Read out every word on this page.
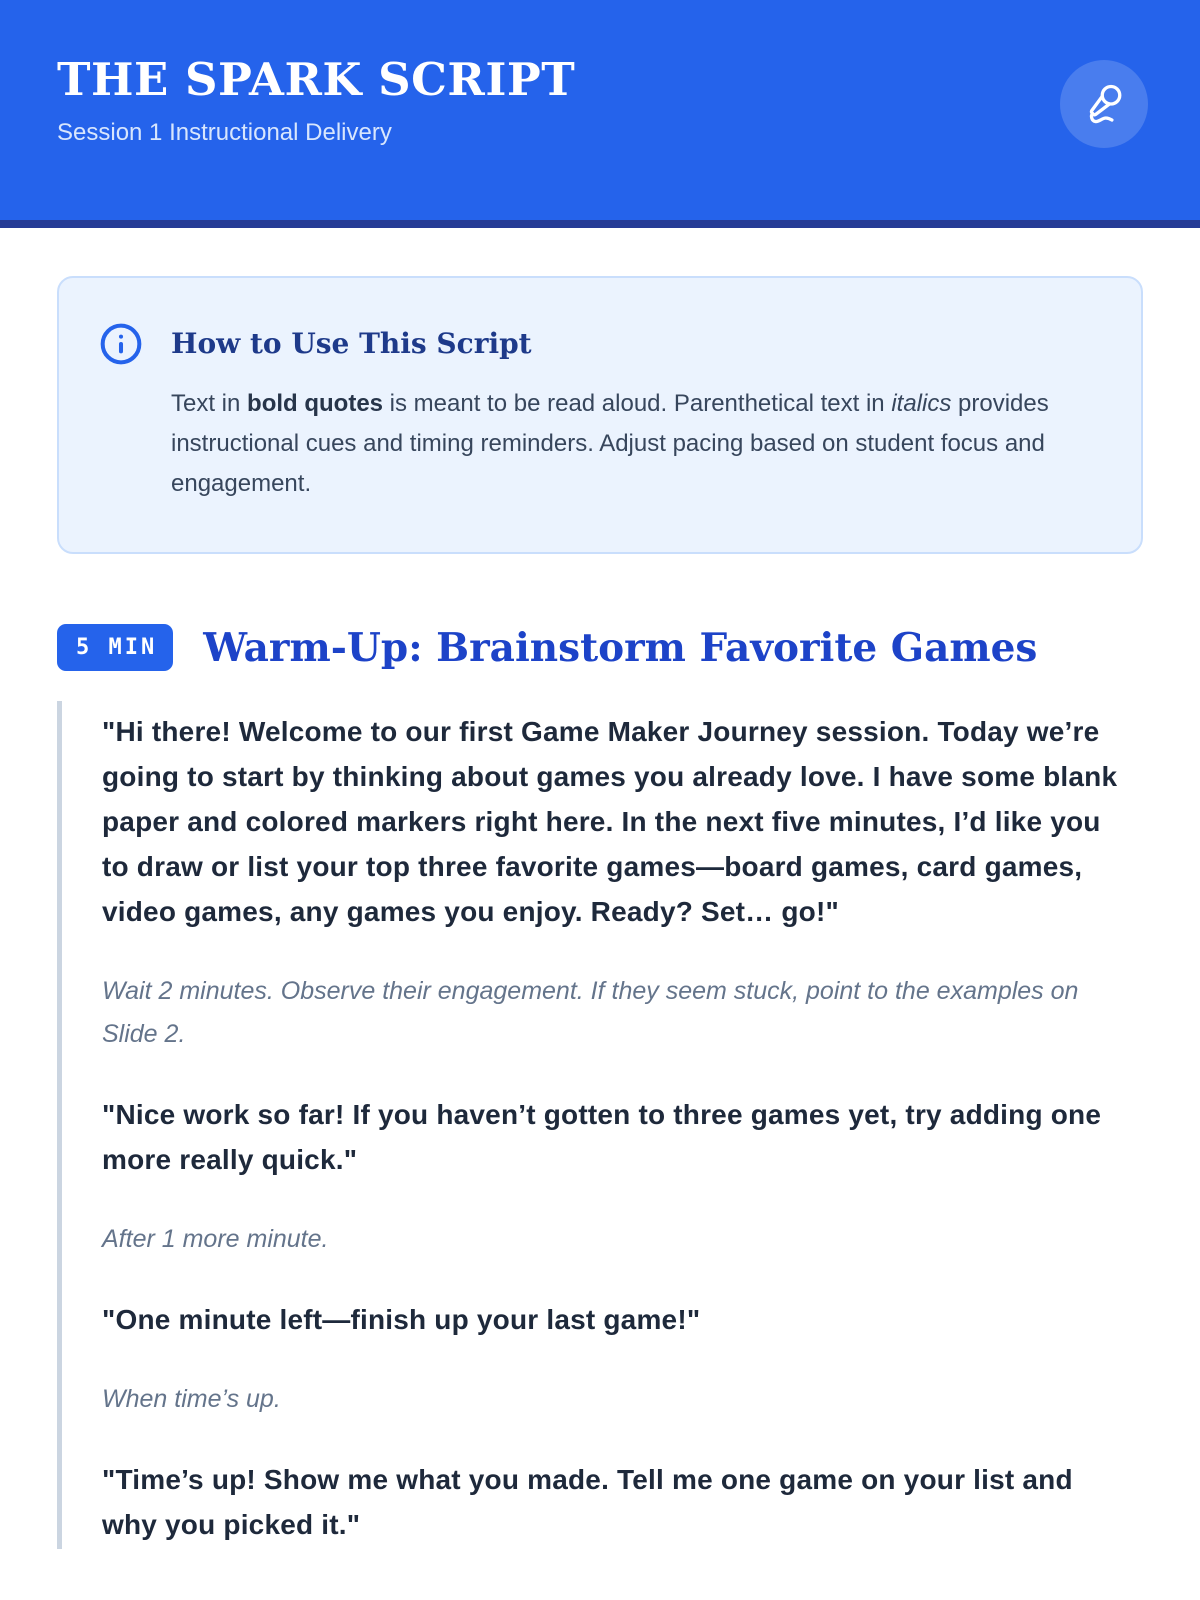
THE SPARK SCRIPT
Session 1 Instructional Delivery
How to Use This Script

Text in bold quotes is meant to be read aloud. Parenthetical text in italics provides instructional cues and timing reminders. Adjust pacing based on student focus and engagement.

5 MIN	Warm-Up: Brainstorm Favorite Games

"Hi there! Welcome to our first Game Maker Journey session. Today we’re going to start by thinking about games you already love. I have some blank paper and colored markers right here. In the next five minutes, I’d like you to draw or list your top three favorite games—board games, card games, video games, any games you enjoy. Ready? Set… go!"

Wait 2 minutes. Observe their engagement. If they seem stuck, point to the examples on Slide 2.

"Nice work so far! If you haven’t gotten to three games yet, try adding one more really quick."

After 1 more minute.

"One minute left—finish up your last game!"

When time’s up.

"Time’s up! Show me what you made. Tell me one game on your list and why you picked it."
